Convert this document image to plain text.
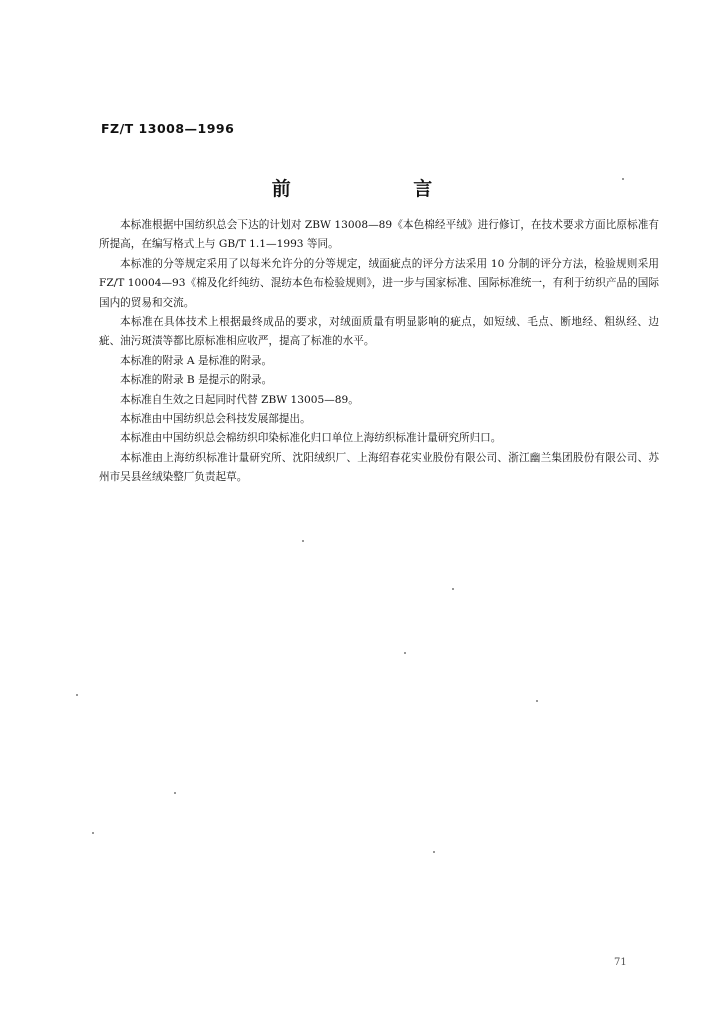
FZ/T 13008—1996
前 言

本标准根据中国纺织总会下达的计划对 ZBW 13008—89《本色棉经平绒》进行修订，在技术要求方面比原标准有所提高，在编写格式上与 GB/T 1.1—1993 等同。

本标准的分等规定采用了以每米允许分的分等规定，绒面疵点的评分方法采用 10 分制的评分方法，检验规则采用 FZ/T 10004—93《棉及化纤纯纺、混纺本色布检验规则》，进一步与国家标准、国际标准统一，有利于纺织产品的国际国内的贸易和交流。

本标准在具体技术上根据最终成品的要求，对绒面质量有明显影响的疵点，如短绒、毛点、断地经、粗纵经、边疵、油污斑渍等都比原标准相应收严，提高了标准的水平。

本标准的附录 A 是标准的附录。

本标准的附录 B 是提示的附录。

本标准自生效之日起同时代替 ZBW 13005—89。

本标准由中国纺织总会科技发展部提出。

本标准由中国纺织总会棉纺织印染标准化归口单位上海纺织标准计量研究所归口。

本标准由上海纺织标准计量研究所、沈阳绒织厂、上海绍春花实业股份有限公司、浙江幽兰集团股份有限公司、苏州市吴县丝绒染整厂负责起草。

71
